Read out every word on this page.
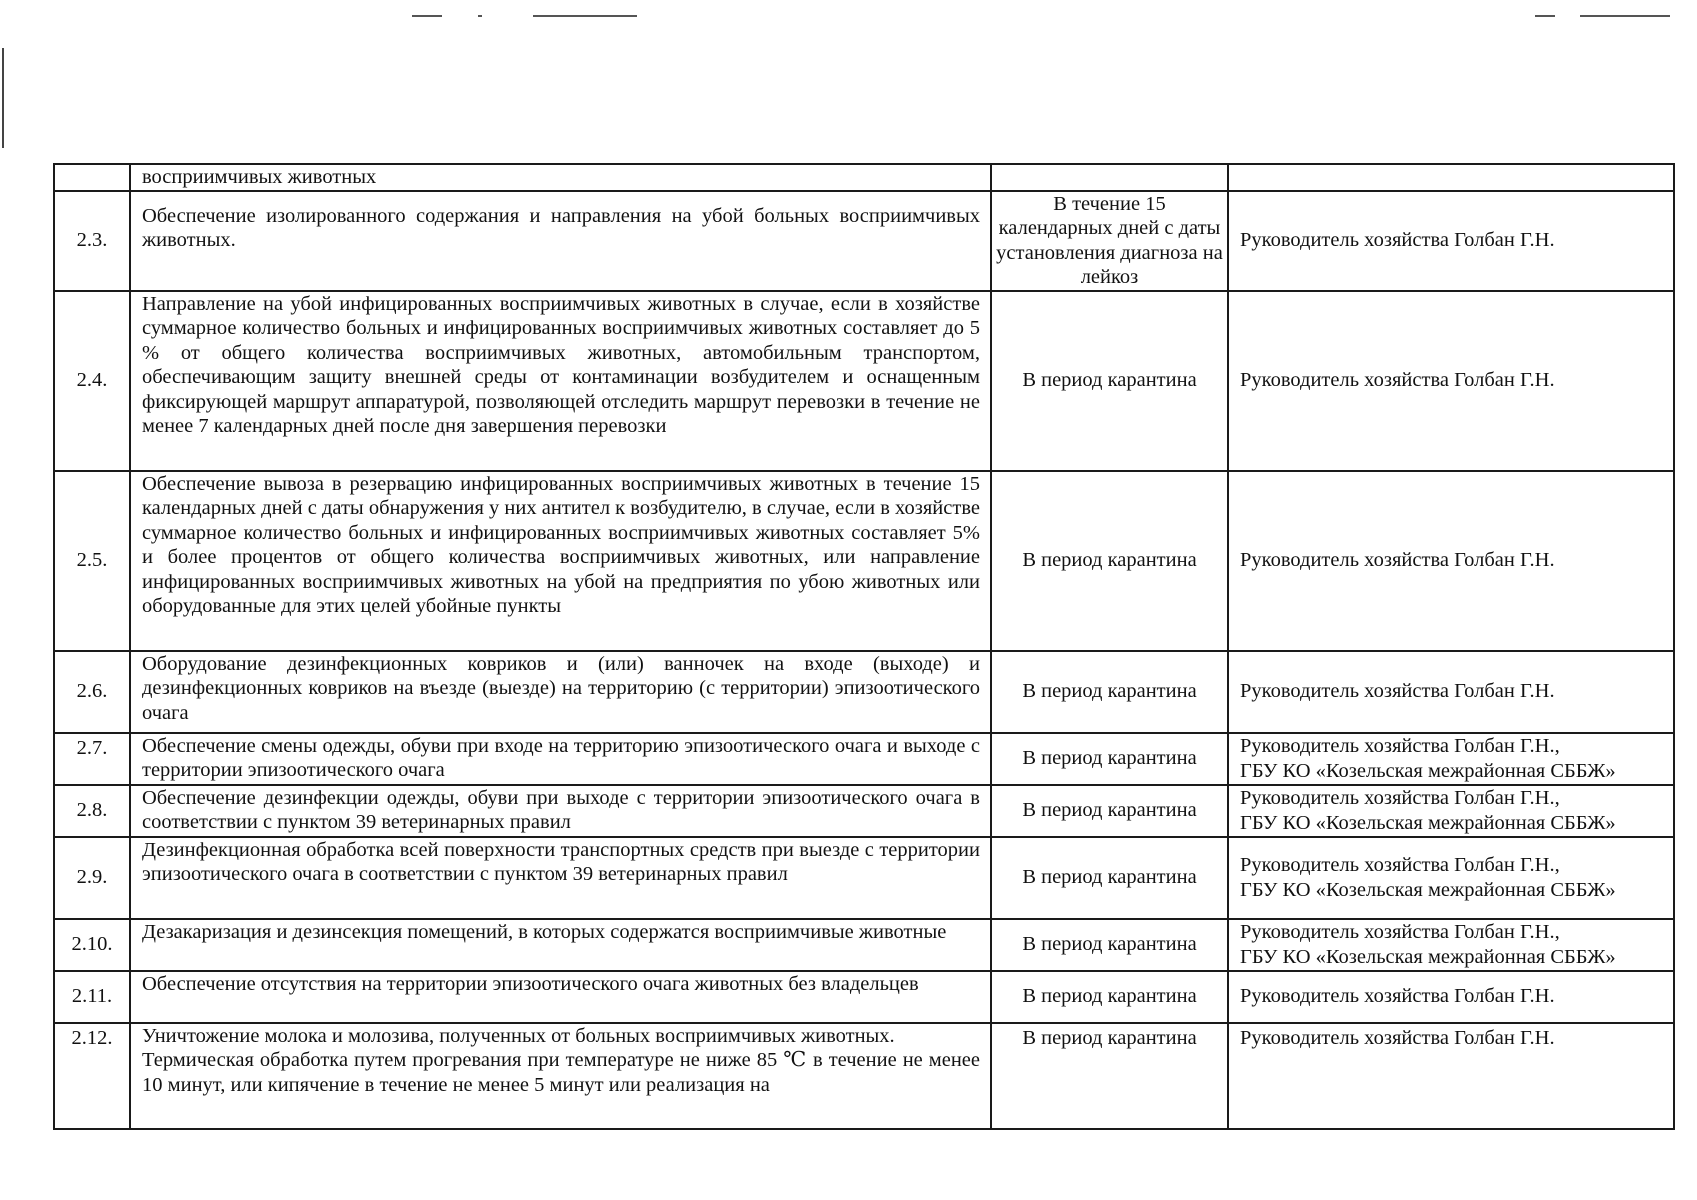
	восприимчивых животных		

2.3.	Обеспечение изолированного содержания и направления на убой больных восприимчивых животных.	В течение 15 календарных дней с даты установления диагноза на лейкоз	Руководитель хозяйства Голбан Г.Н.

2.4.	Направление на убой инфицированных восприимчивых животных в случае, если в хозяйстве суммарное количество больных и инфицированных восприимчивых животных составляет до 5 % от общего количества восприимчивых животных, автомобильным транспортом, обеспечивающим защиту внешней среды от контаминации возбудителем и оснащенным фиксирующей маршрут аппаратурой, позволяющей отследить маршрут перевозки в течение не менее 7 календарных дней после дня завершения перевозки	В период карантина	Руководитель хозяйства Голбан Г.Н.

2.5.	Обеспечение вывоза в резервацию инфицированных восприимчивых животных в течение 15 календарных дней с даты обнаружения у них антител к возбудителю, в случае, если в хозяйстве суммарное количество больных и инфицированных восприимчивых животных составляет 5% и более процентов от общего количества восприимчивых животных, или направление инфицированных восприимчивых животных на убой на предприятия по убою животных или оборудованные для этих целей убойные пункты	В период карантина	Руководитель хозяйства Голбан Г.Н.

2.6.	Оборудование дезинфекционных ковриков и (или) ванночек на входе (выходе) и дезинфекционных ковриков на въезде (выезде) на территорию (с территории) эпизоотического очага	В период карантина	Руководитель хозяйства Голбан Г.Н.

2.7.	Обеспечение смены одежды, обуви при входе на территорию эпизоотического очага и выходе с территории эпизоотического очага	В период карантина	Руководитель хозяйства Голбан Г.Н.,
ГБУ КО «Козельская межрайонная СББЖ»

2.8.	Обеспечение дезинфекции одежды, обуви при выходе с территории эпизоотического очага в соответствии с пунктом 39 ветеринарных правил	В период карантина	Руководитель хозяйства Голбан Г.Н.,
ГБУ КО «Козельская межрайонная СББЖ»

2.9.	Дезинфекционная обработка всей поверхности транспортных средств при выезде с территории эпизоотического очага в соответствии с пунктом 39 ветеринарных правил	В период карантина	Руководитель хозяйства Голбан Г.Н.,
ГБУ КО «Козельская межрайонная СББЖ»

2.10.	Дезакаризация и дезинсекция помещений, в которых содержатся восприимчивые животные	В период карантина	Руководитель хозяйства Голбан Г.Н.,
ГБУ КО «Козельская межрайонная СББЖ»

2.11.	Обеспечение отсутствия на территории эпизоотического очага животных без владельцев	В период карантина	Руководитель хозяйства Голбан Г.Н.

2.12.	Уничтожение молока и молозива, полученных от больных восприимчивых животных.
Термическая обработка путем прогревания при температуре не ниже 85 ℃ в течение не менее 10 минут, или кипячение в течение не менее 5 минут или реализация на	В период карантина	Руководитель хозяйства Голбан Г.Н.
